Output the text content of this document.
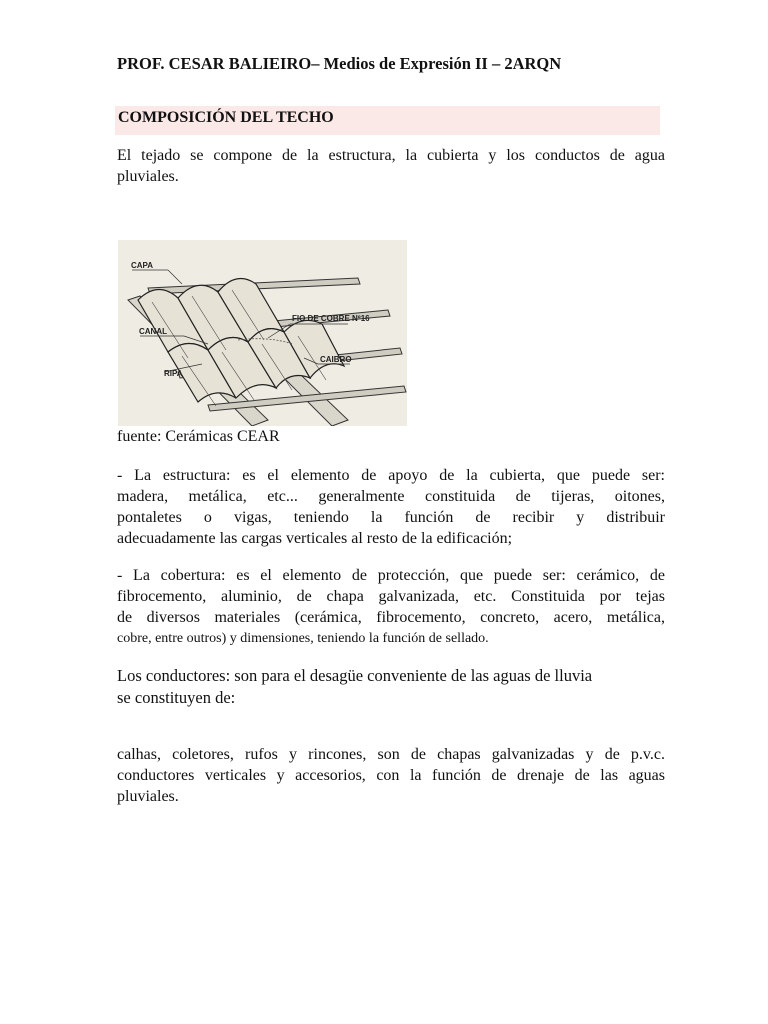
PROF. CESAR BALIEIRO– Medios de Expresión II – 2ARQN
COMPOSICIÓN DEL TECHO
El tejado se compone de la estructura, la cubierta y los conductos de agua
pluviales.
CAPA
CANAL
RIPA
FIO DE COBRE Nº16
CAIBRO
fuente: Cerámicas CEAR
- La estructura: es el elemento de apoyo de la cubierta, que puede ser:
madera, metálica, etc... generalmente constituida de tijeras, oitones,
pontaletes o vigas, teniendo la función de recibir y distribuir
adecuadamente las cargas verticales al resto de la edificación;
- La cobertura: es el elemento de protección, que puede ser: cerámico, de
fibrocemento, aluminio, de chapa galvanizada, etc. Constituida por tejas
de diversos materiales (cerámica, fibrocemento, concreto, acero, metálica,
cobre, entre outros) y dimensiones, teniendo la función de sellado.
Los conductores: son para el desagüe conveniente de las aguas de lluvia
se constituyen de:
calhas, coletores, rufos y rincones, son de chapas galvanizadas y de p.v.c.
conductores verticales y accesorios, con la función de drenaje de las aguas
pluviales.
